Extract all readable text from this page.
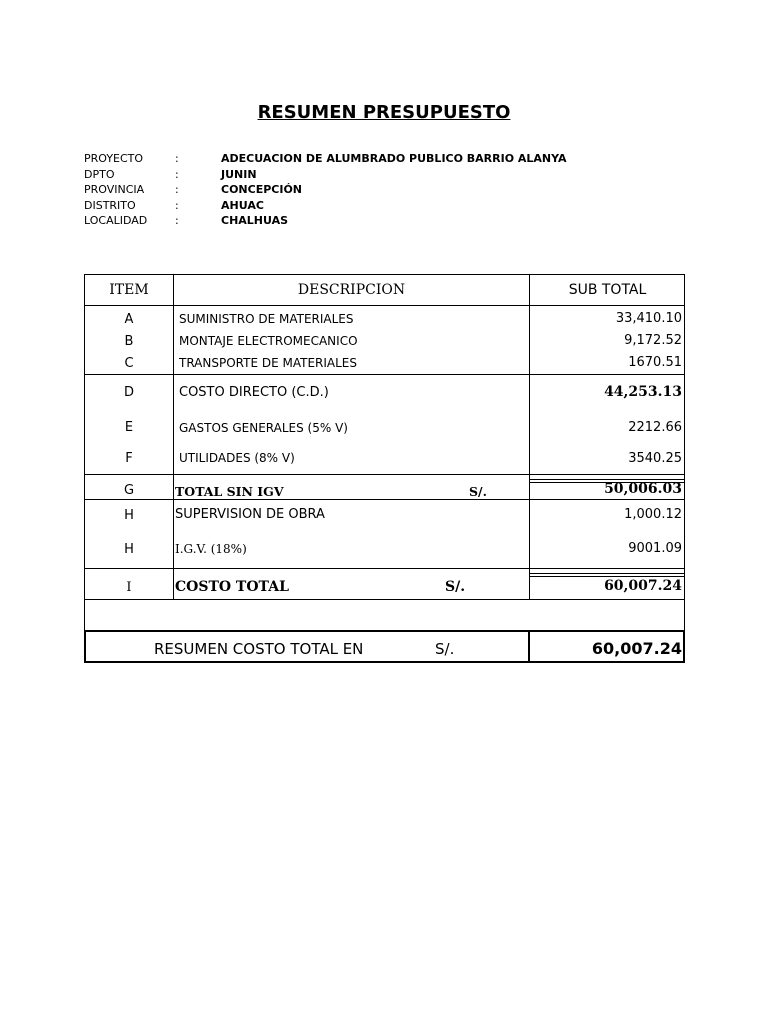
RESUMEN PRESUPUESTO
PROYECTO	:	ADECUACION DE ALUMBRADO PUBLICO BARRIO ALANYA
DPTO	:	JUNIN
PROVINCIA	:	CONCEPCIÓN
DISTRITO	:	AHUAC
LOCALIDAD	:	CHALHUAS
ITEM	DESCRIPCION	SUB TOTAL
A	SUMINISTRO DE MATERIALES	33,410.10
B	MONTAJE ELECTROMECANICO	9,172.52
C	TRANSPORTE DE MATERIALES	1670.51
D	COSTO DIRECTO (C.D.)	44,253.13
E	GASTOS GENERALES (5% V)	2212.66
F	UTILIDADES (8% V)	3540.25
G	TOTAL SIN IGV	S/.	50,006.03
H	SUPERVISION DE OBRA	1,000.12
H	I.G.V. (18%)	9001.09
I	COSTO TOTAL	S/.	60,007.24
RESUMEN COSTO TOTAL EN	S/.	60,007.24
